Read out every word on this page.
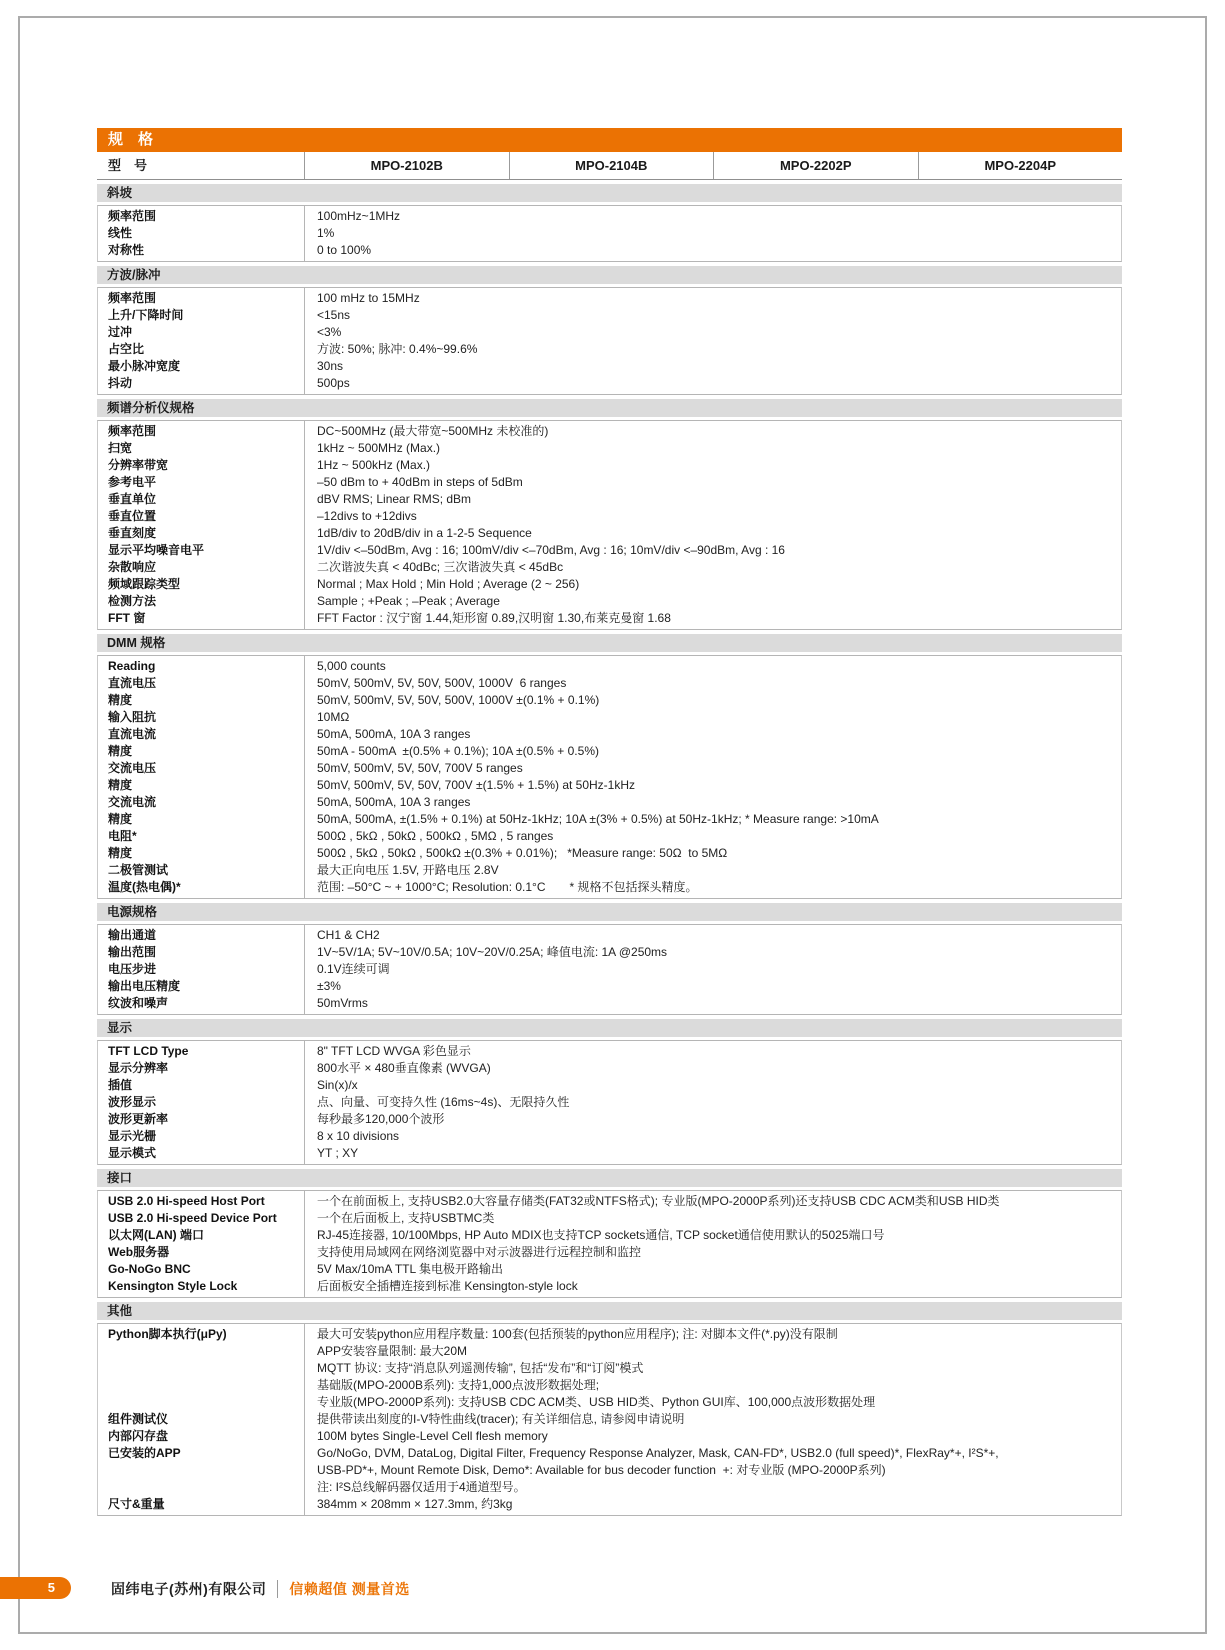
规　格
型　号	MPO-2102B	MPO-2104B	MPO-2202P	MPO-2204P
斜坡
频率范围	100mHz~1MHz
线性	1%
对称性	0 to 100%
方波/脉冲
频率范围	100 mHz to 15MHz
上升/下降时间	<15ns
过冲	<3%
占空比	方波: 50%; 脉冲: 0.4%~99.6%
最小脉冲宽度	30ns
抖动	500ps
频谱分析仪规格
频率范围	DC~500MHz (最大带宽~500MHz 未校准的)
扫宽	1kHz ~ 500MHz (Max.)
分辨率带宽	1Hz ~ 500kHz (Max.)
参考电平	–50 dBm to + 40dBm in steps of 5dBm
垂直单位	dBV RMS; Linear RMS; dBm
垂直位置	–12divs to +12divs
垂直刻度	1dB/div to 20dB/div in a 1-2-5 Sequence
显示平均噪音电平	1V/div <–50dBm, Avg : 16; 100mV/div <–70dBm, Avg : 16; 10mV/div <–90dBm, Avg : 16
杂散响应	二次谐波失真 < 40dBc; 三次谐波失真 < 45dBc
频域跟踪类型	Normal ; Max Hold ; Min Hold ; Average (2 ~ 256)
检测方法	Sample ; +Peak ; –Peak ; Average
FFT 窗	FFT Factor : 汉宁窗 1.44,矩形窗 0.89,汉明窗 1.30,布莱克曼窗 1.68
DMM 规格
Reading	5,000 counts
直流电压	50mV, 500mV, 5V, 50V, 500V, 1000V  6 ranges
精度	50mV, 500mV, 5V, 50V, 500V, 1000V ±(0.1% + 0.1%)
输入阻抗	10MΩ
直流电流	50mA, 500mA, 10A 3 ranges
精度	50mA - 500mA  ±(0.5% + 0.1%); 10A ±(0.5% + 0.5%)
交流电压	50mV, 500mV, 5V, 50V, 700V 5 ranges
精度	50mV, 500mV, 5V, 50V, 700V ±(1.5% + 1.5%) at 50Hz-1kHz
交流电流	50mA, 500mA, 10A 3 ranges
精度	50mA, 500mA, ±(1.5% + 0.1%) at 50Hz-1kHz; 10A ±(3% + 0.5%) at 50Hz-1kHz; * Measure range: >10mA
电阻*	500Ω , 5kΩ , 50kΩ , 500kΩ , 5MΩ , 5 ranges
精度	500Ω , 5kΩ , 50kΩ , 500kΩ ±(0.3% + 0.01%);   *Measure range: 50Ω  to 5MΩ
二极管测试	最大正向电压 1.5V, 开路电压 2.8V
温度(热电偶)*	范围: –50°C ~ + 1000°C; Resolution: 0.1°C　　* 规格不包括探头精度。
电源规格
输出通道	CH1 & CH2
输出范围	1V~5V/1A; 5V~10V/0.5A; 10V~20V/0.25A; 峰值电流: 1A @250ms
电压步进	0.1V连续可调
输出电压精度	±3%
纹波和噪声	50mVrms
显示
TFT LCD Type	8" TFT LCD WVGA 彩色显示
显示分辨率	800水平 × 480垂直像素 (WVGA)
插值	Sin(x)/x
波形显示	点、向量、可变持久性 (16ms~4s)、无限持久性
波形更新率	每秒最多120,000个波形
显示光栅	8 x 10 divisions
显示模式	YT ; XY
接口
USB 2.0 Hi-speed Host Port	一个在前面板上, 支持USB2.0大容量存储类(FAT32或NTFS格式); 专业版(MPO-2000P系列)还支持USB CDC ACM类和USB HID类
USB 2.0 Hi-speed Device Port	一个在后面板上, 支持USBTMC类
以太网(LAN) 端口	RJ-45连接器, 10/100Mbps, HP Auto MDIX也支持TCP sockets通信, TCP socket通信使用默认的5025端口号
Web服务器	支持使用局域网在网络浏览器中对示波器进行远程控制和监控
Go-NoGo BNC	5V Max/10mA TTL 集电极开路输出
Kensington Style Lock	后面板安全插槽连接到标准 Kensington-style lock
其他
Python脚本执行(μPy)	最大可安装python应用程序数量: 100套(包括预装的python应用程序); 注: 对脚本文件(*.py)没有限制
APP安装容量限制: 最大20M
MQTT 协议: 支持“消息队列遥测传输”, 包括“发布”和“订阅”模式
基础版(MPO-2000B系列): 支持1,000点波形数据处理;
专业版(MPO-2000P系列): 支持USB CDC ACM类、USB HID类、Python GUI库、100,000点波形数据处理
组件测试仪	提供带读出刻度的I-V特性曲线(tracer); 有关详细信息, 请参阅申请说明
内部闪存盘	100M bytes Single-Level Cell flesh memory
已安装的APP	Go/NoGo, DVM, DataLog, Digital Filter, Frequency Response Analyzer, Mask, CAN-FD*, USB2.0 (full speed)*, FlexRay*+, I²S*+,
USB-PD*+, Mount Remote Disk, Demo*: Available for bus decoder function  +: 对专业版 (MPO-2000P系列)
注: I²S总线解码器仅适用于4通道型号。
尺寸&重量	384mm × 208mm × 127.3mm, 约3kg
5	固纬电子(苏州)有限公司 信赖超值 测量首选
